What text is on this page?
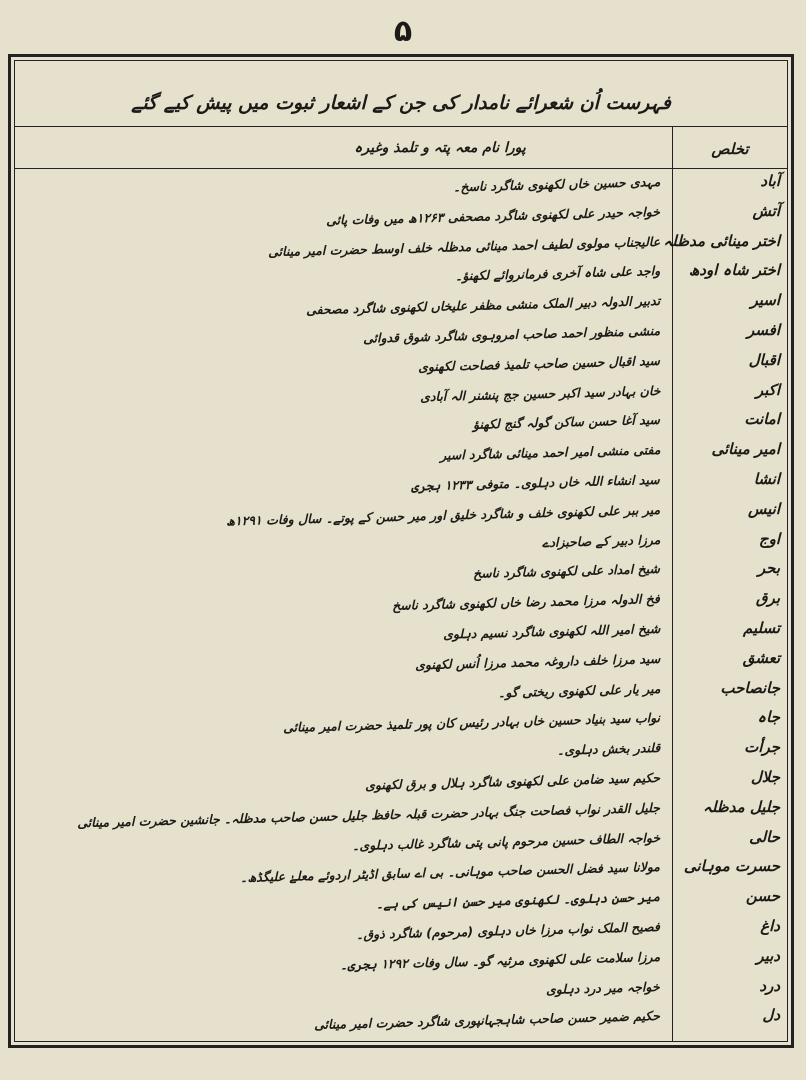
۵
فہرست اُن شعرائے نامدار کی جن کے اشعار ثبوت میں پیش کیے گئے
تخلص
پورا نام معہ پتہ و تلمذ وغیرہ
آباد
مہدی حسین خاں لکھنوی شاگرد ناسخ۔
آتش
خواجہ حیدر علی لکھنوی شاگرد مصحفی ۱۲۶۳ھ میں وفات پائی
اختر مینائی مدظلہ
عالیجناب مولوی لطیف احمد مینائی مدظلہ خلف اوسط حضرت امیر مینائی
اختر شاہ اودھ
واجد علی شاہ آخری فرمانروائے لکھنؤ۔
اسیر
تدبیر الدولہ دبیر الملک منشی مظفر علیخاں لکھنوی شاگرد مصحفی
افسر
منشی منظور احمد صاحب امروہوی شاگرد شوق قدوائی
اقبال
سید اقبال حسین صاحب تلمیذ فصاحت لکھنوی
اکبر
خان بہادر سید اکبر حسین جج پنشنر الہ آبادی
امانت
سید آغا حسن ساکن گولہ گنج لکھنؤ
امیر مینائی
مفتی منشی امیر احمد مینائی شاگرد اسیر
انشا
سید انشاء اللہ خاں دہلوی۔ متوفی ۱۲۳۳ ہجری
انیس
میر ببر علی لکھنوی خلف و شاگرد خلیق اور میر حسن کے پوتے۔ سال وفات ۱۲۹۱ھ
اوج
مرزا دبیر کے صاحبزادے
بحر
شیخ امداد علی لکھنوی شاگرد ناسخ
برق
فخ الدولہ مرزا محمد رضا خاں لکھنوی شاگرد ناسخ
تسلیم
شیخ امیر اللہ لکھنوی شاگرد نسیم دہلوی
تعشق
سید مرزا خلف داروغہ محمد مرزا اُنس لکھنوی
جانصاحب
میر یار علی لکھنوی ریختی گو۔
جاہ
نواب سید بنیاد حسین خاں بہادر رئیس کان پور تلمیذ حضرت امیر مینائی
جرأت
قلندر بخش دہلوی۔
جلال
حکیم سید ضامن علی لکھنوی شاگرد ہلال و برق لکھنوی
جلیل مدظلہ
جلیل القدر نواب فصاحت جنگ بہادر حضرت قبلہ حافظ جلیل حسن صاحب مدظلہ۔ جانشین حضرت امیر مینائی
حالی
خواجہ الطاف حسین مرحوم پانی پتی شاگرد غالب دہلوی۔
حسرت موہانی
مولانا سید فضل الحسن صاحب موہانی۔ بی اے سابق اڈیٹر اردوئے معلےٰ علیگڈھ۔
حسن
میر حسن دہلوی۔ لکھنوی میر حسن انیس کی ہے۔
داغ
فصیح الملک نواب مرزا خاں دہلوی (مرحوم) شاگرد ذوق۔
دبیر
مرزا سلامت علی لکھنوی مرثیہ گو۔ سال وفات ۱۲۹۲ ہجری۔
درد
خواجہ میر درد دہلوی
دل
حکیم ضمیر حسن صاحب شاہجہانپوری شاگرد حضرت امیر مینائی
